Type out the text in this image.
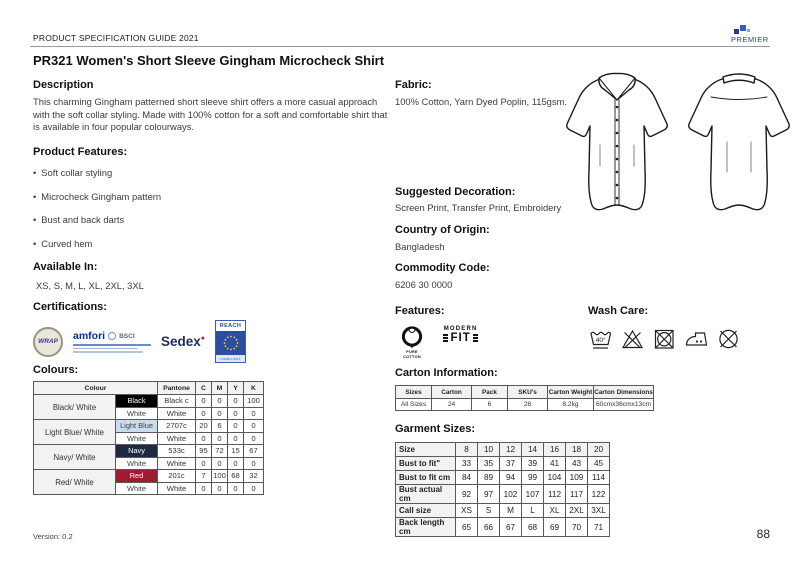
PRODUCT SPECIFICATION GUIDE 2021
PR321 Women's Short Sleeve Gingham Microcheck Shirt
PREMIER
Description
This charming Gingham patterned short sleeve shirt offers a more casual approach with the soft collar styling. Made with 100% cotton for a soft and comfortable shirt that is available in four popular colourways.
Product Features:
• Soft collar styling
• Microcheck Gingham pattern
• Bust and back darts
• Curved hem
Available In:
XS, S, M, L, XL, 2XL, 3XL
Certifications:
WRAP amfori BSCI Sedex●
REACH
COMPLIANT
Colours:
Colour		Pantone	C	M	Y	K
Black/ White	Black	Black c	0	0	0	100
	White	White	0	0	0	0
Light Blue/ White	Light Blue	2707c	20	6	0	0
	White	White	0	0	0	0
Navy/ White	Navy	533c	95	72	15	67
	White	White	0	0	0	0
Red/ White	Red	201c	7	100	68	32
	White	White	0	0	0	0
Fabric:
100% Cotton, Yarn Dyed Poplin, 115gsm.
Suggested Decoration:
Screen Print, Transfer Print, Embroidery
Country of Origin:
Bangladesh
Commodity Code:
6206 30 0000
Features:
PURE
COTTON
MODERN
FIT
Wash Care:
40°
Carton Information:
Sizes	Carton	Pack	SKU's	Carton Weight	Carton Dimensions
All Sizes	24	6	28	8.2kg	60cmx36cmx13cm
Garment Sizes:
Size	8	10	12	14	16	18	20
Bust to fit"	33	35	37	39	41	43	45
Bust to fit cm	84	89	94	99	104	109	114
Bust actual cm	92	97	102	107	112	117	122
Call size	XS	S	M	L	XL	2XL	3XL
Back length cm	65	66	67	68	69	70	71
Version: 0.2	88
